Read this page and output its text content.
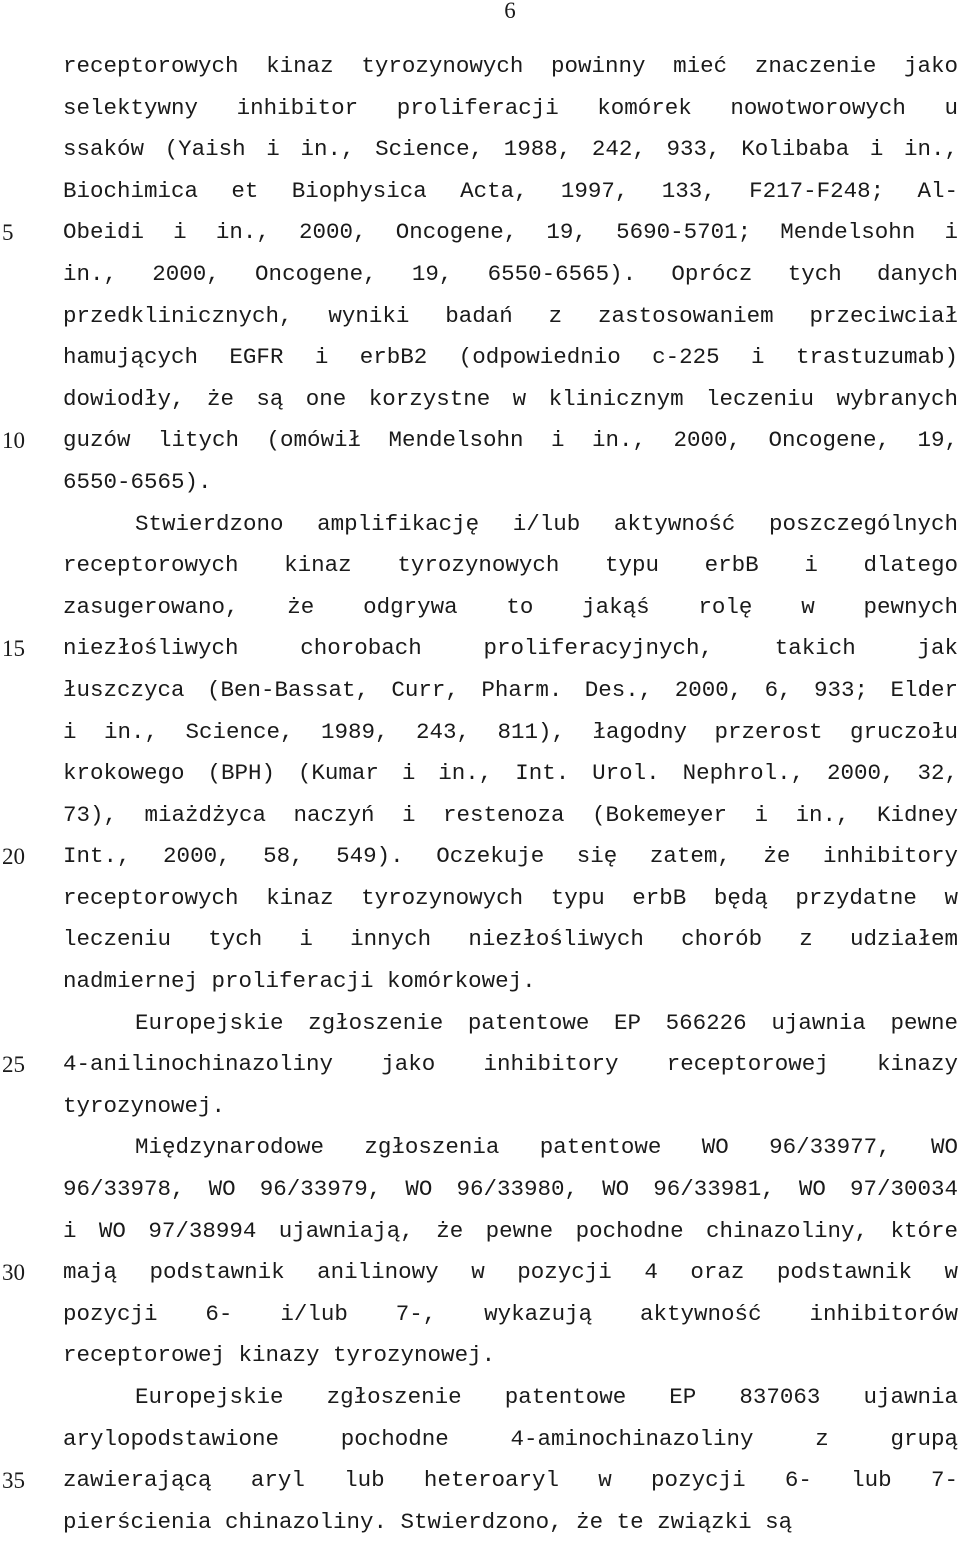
6
5
10
15
20
25
30
35
receptorowych kinaz tyrozynowych powinny mieć znaczenie jako
selektywny inhibitor proliferacji komórek nowotworowych u
ssaków (Yaish i in., Science, 1988, 242, 933, Kolibaba i in.,
Biochimica et Biophysica Acta, 1997, 133, F217-F248; Al-
Obeidi i in., 2000, Oncogene, 19, 5690-5701; Mendelsohn i
in., 2000, Oncogene, 19, 6550-6565). Oprócz tych danych
przedklinicznych, wyniki badań z zastosowaniem przeciwciał
hamujących EGFR i erbB2 (odpowiednio c-225 i trastuzumab)
dowiodły, że są one korzystne w klinicznym leczeniu wybranych
guzów litych (omówił Mendelsohn i in., 2000, Oncogene, 19,
6550-6565).
Stwierdzono amplifikację i/lub aktywność poszczególnych
receptorowych kinaz tyrozynowych typu erbB i dlatego
zasugerowano, że odgrywa to jakąś rolę w pewnych
niezłośliwych chorobach proliferacyjnych, takich jak
łuszczyca (Ben-Bassat, Curr, Pharm. Des., 2000, 6, 933; Elder
i in., Science, 1989, 243, 811), łagodny przerost gruczołu
krokowego (BPH) (Kumar i in., Int. Urol. Nephrol., 2000, 32,
73), miażdżyca naczyń i restenoza (Bokemeyer i in., Kidney
Int., 2000, 58, 549). Oczekuje się zatem, że inhibitory
receptorowych kinaz tyrozynowych typu erbB będą przydatne w
leczeniu tych i innych niezłośliwych chorób z udziałem
nadmiernej proliferacji komórkowej.
Europejskie zgłoszenie patentowe EP 566226 ujawnia pewne
4-anilinochinazoliny jako inhibitory receptorowej kinazy
tyrozynowej.
Międzynarodowe zgłoszenia patentowe WO 96/33977, WO
96/33978, WO 96/33979, WO 96/33980, WO 96/33981, WO 97/30034
i WO 97/38994 ujawniają, że pewne pochodne chinazoliny, które
mają podstawnik anilinowy w pozycji 4 oraz podstawnik w
pozycji 6- i/lub 7-, wykazują aktywność inhibitorów
receptorowej kinazy tyrozynowej.
Europejskie zgłoszenie patentowe EP 837063 ujawnia
arylopodstawione pochodne 4-aminochinazoliny z grupą
zawierającą aryl lub heteroaryl w pozycji 6- lub 7-
pierścienia chinazoliny. Stwierdzono, że te związki są
